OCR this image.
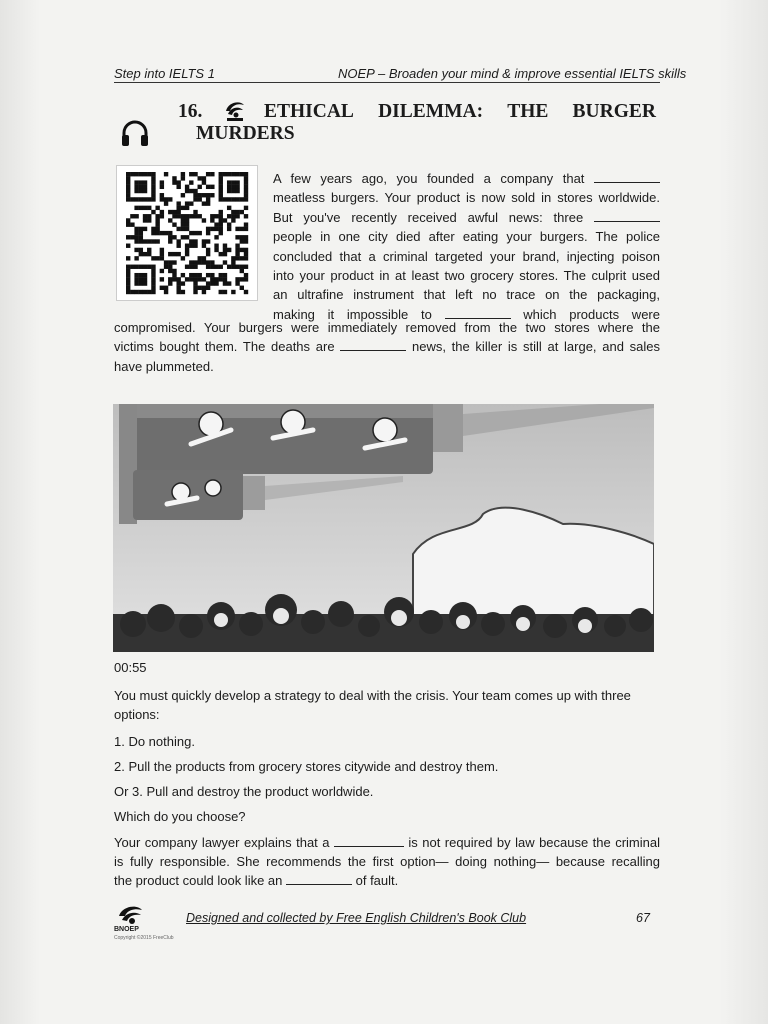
Step into IELTS 1	NOEP – Broaden your mind & improve essential IELTS skills
16.	ETHICAL DILEMMA: THE BURGER
MURDERS
A few years ago, you founded a company that
meatless burgers. Your product is now sold in stores worldwide.
But you've recently received awful news: three
people in one city died after eating your burgers. The police
concluded that a criminal targeted your brand, injecting poison
into your product in at least two grocery stores. The culprit used
an ultrafine instrument that left no trace on the packaging,
making it impossible to	which products were
compromised. Your burgers were immediately removed from the two stores where the
victims bought them. The deaths are	news, the killer is still at large, and sales
have plummeted.
00:55
You must quickly develop a strategy to deal with the crisis. Your team comes up with three options:
1. Do nothing.
2. Pull the products from grocery stores citywide and destroy them.
Or 3. Pull and destroy the product worldwide.
Which do you choose?
Your company lawyer explains that a	is not required by law because the criminal
is fully responsible. She recommends the first option— doing nothing— because recalling
the product could look like an	of fault.
BNOEP
Copyright ©2015 FreeClub
Designed and collected by Free English Children's Book Club	67
